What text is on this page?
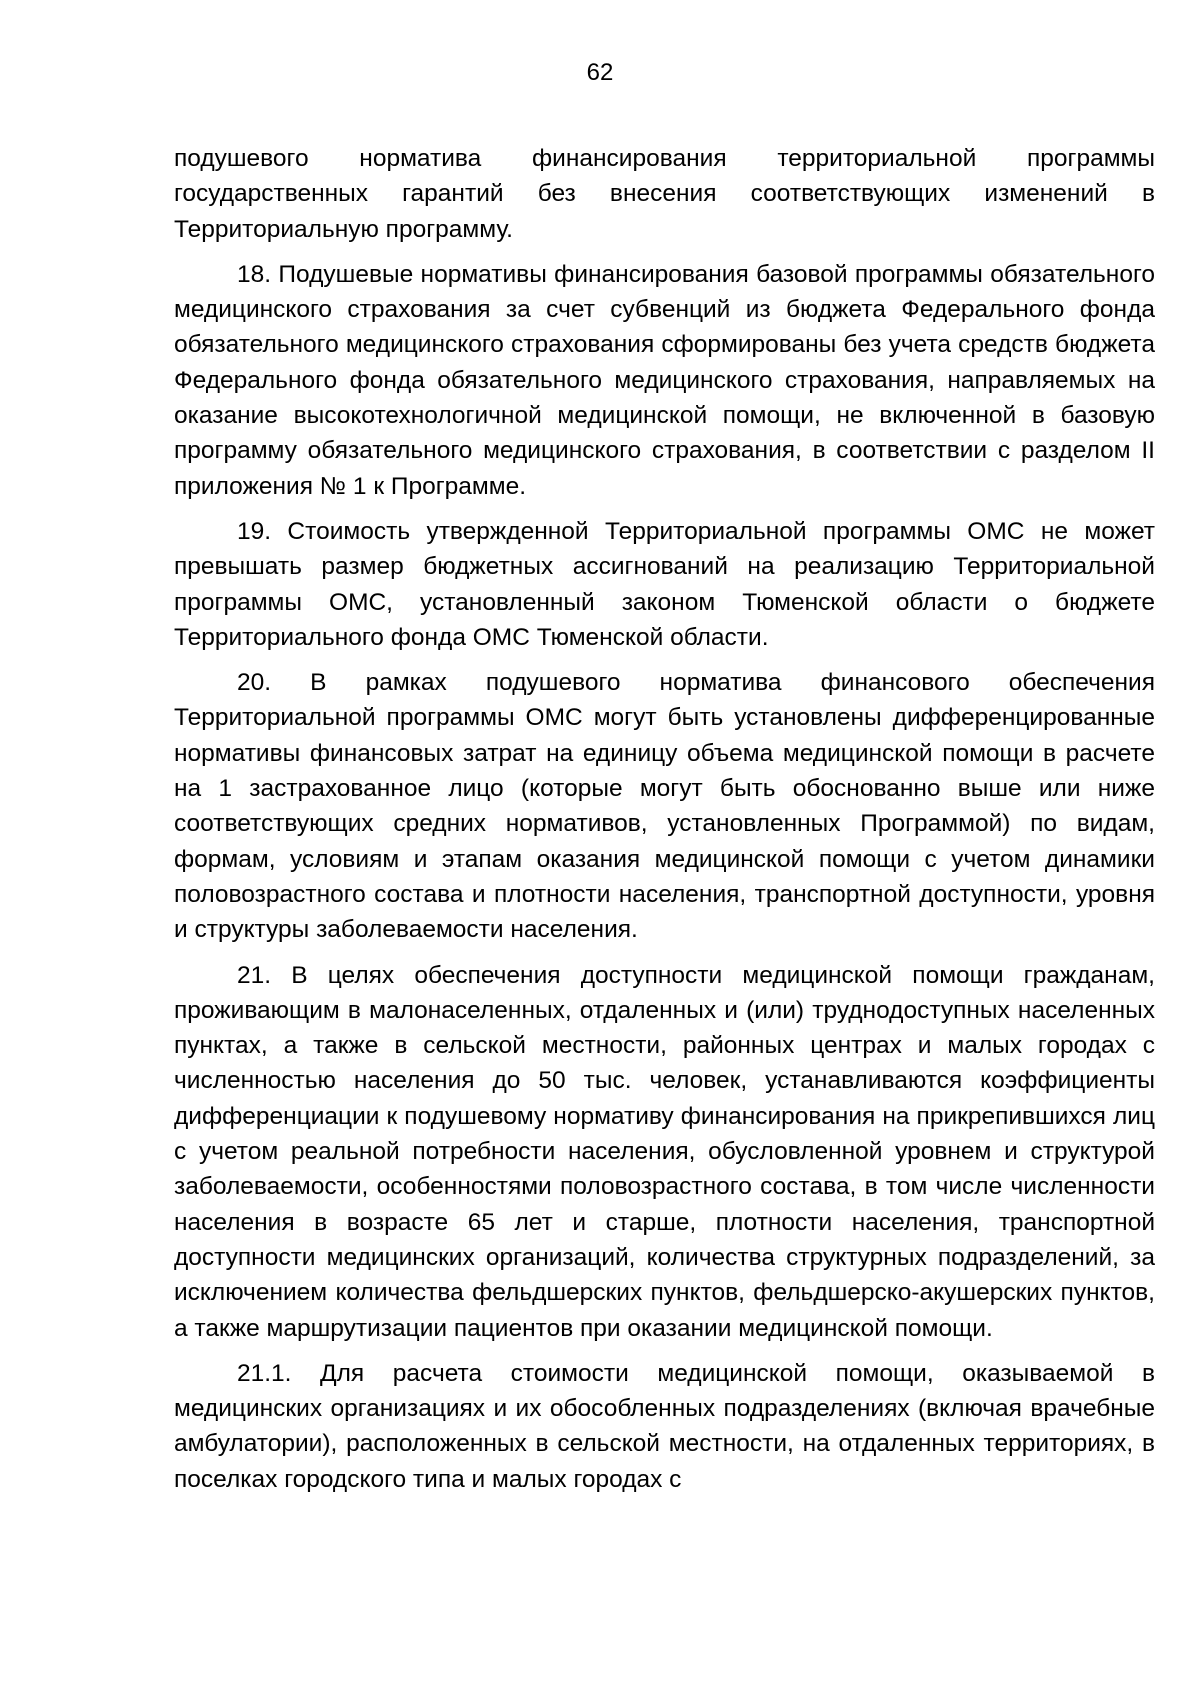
62

подушевого норматива финансирования территориальной программы государственных гарантий без внесения соответствующих изменений в Территориальную программу.

18. Подушевые нормативы финансирования базовой программы обязательного медицинского страхования за счет субвенций из бюджета Федерального фонда обязательного медицинского страхования сформированы без учета средств бюджета Федерального фонда обязательного медицинского страхования, направляемых на оказание высокотехнологичной медицинской помощи, не включенной в базовую программу обязательного медицинского страхования, в соответствии с разделом II приложения № 1 к Программе.

19. Стоимость утвержденной Территориальной программы ОМС не может превышать размер бюджетных ассигнований на реализацию Территориальной программы ОМС, установленный законом Тюменской области о бюджете Территориального фонда ОМС Тюменской области.

20. В рамках подушевого норматива финансового обеспечения Территориальной программы ОМС могут быть установлены дифференцированные нормативы финансовых затрат на единицу объема медицинской помощи в расчете на 1 застрахованное лицо (которые могут быть обоснованно выше или ниже соответствующих средних нормативов, установленных Программой) по видам, формам, условиям и этапам оказания медицинской помощи с учетом динамики половозрастного состава и плотности населения, транспортной доступности, уровня и структуры заболеваемости населения.

21. В целях обеспечения доступности медицинской помощи гражданам, проживающим в малонаселенных, отдаленных и (или) труднодоступных населенных пунктах, а также в сельской местности, районных центрах и малых городах с численностью населения до 50 тыс. человек, устанавливаются коэффициенты дифференциации к подушевому нормативу финансирования на прикрепившихся лиц с учетом реальной потребности населения, обусловленной уровнем и структурой заболеваемости, особенностями половозрастного состава, в том числе численности населения в возрасте 65 лет и старше, плотности населения, транспортной доступности медицинских организаций, количества структурных подразделений, за исключением количества фельдшерских пунктов, фельдшерско-акушерских пунктов, а также маршрутизации пациентов при оказании медицинской помощи.

21.1. Для расчета стоимости медицинской помощи, оказываемой в медицинских организациях и их обособленных подразделениях (включая врачебные амбулатории), расположенных в сельской местности, на отдаленных территориях, в поселках городского типа и малых городах с
